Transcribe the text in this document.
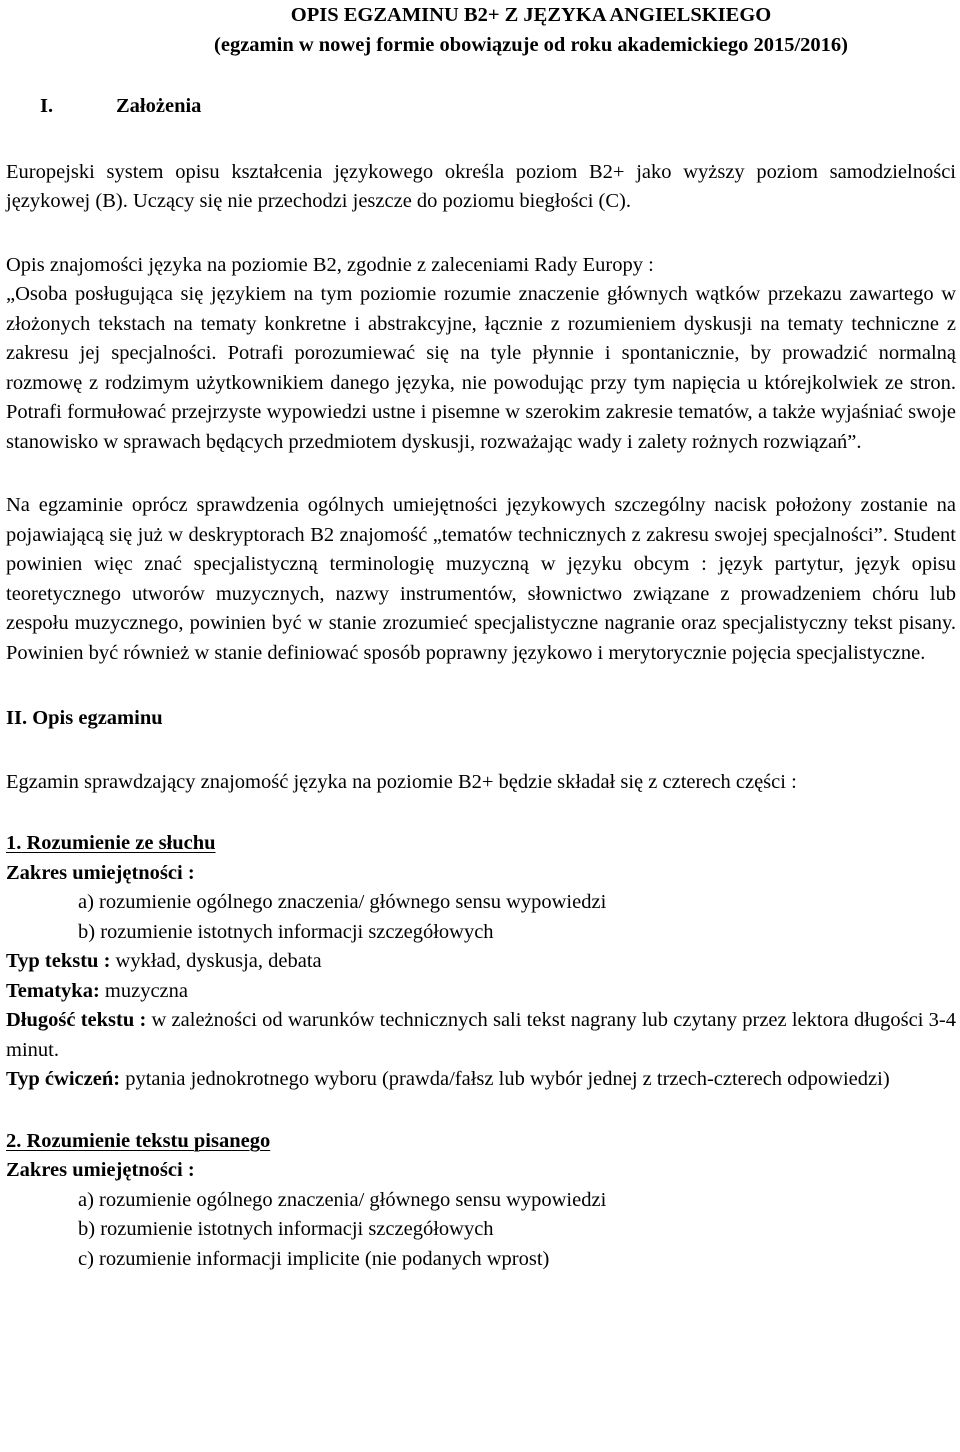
OPIS EGZAMINU B2+ Z JĘZYKA ANGIELSKIEGO
(egzamin w nowej formie obowiązuje od roku akademickiego 2015/2016)
I.	Założenia

Europejski system opisu kształcenia językowego określa poziom B2+ jako wyższy poziom samodzielności językowej (B). Uczący się nie przechodzi jeszcze do poziomu biegłości (C).

Opis znajomości języka na poziomie B2, zgodnie z zaleceniami Rady Europy :

„Osoba posługująca się językiem na tym poziomie rozumie znaczenie głównych wątków przekazu zawartego w złożonych tekstach na tematy konkretne i abstrakcyjne, łącznie z rozumieniem dyskusji na tematy techniczne z zakresu jej specjalności. Potrafi porozumiewać się na tyle płynnie i spontanicznie, by prowadzić normalną rozmowę z rodzimym użytkownikiem danego języka, nie powodując przy tym napięcia u którejkolwiek ze stron. Potrafi formułować przejrzyste wypowiedzi ustne i pisemne w szerokim zakresie tematów, a także wyjaśniać swoje stanowisko w sprawach będących przedmiotem dyskusji, rozważając wady i zalety rożnych rozwiązań”.

Na egzaminie oprócz sprawdzenia ogólnych umiejętności językowych szczególny nacisk położony zostanie na pojawiającą się już w deskryptorach B2 znajomość „tematów technicznych z zakresu swojej specjalności”. Student powinien więc znać specjalistyczną terminologię muzyczną w języku obcym : język partytur, język opisu teoretycznego utworów muzycznych, nazwy instrumentów, słownictwo związane z prowadzeniem chóru lub zespołu muzycznego, powinien być w stanie zrozumieć specjalistyczne nagranie oraz specjalistyczny tekst pisany. Powinien być również w stanie definiować sposób poprawny językowo i merytorycznie pojęcia specjalistyczne.

II. Opis egzaminu

Egzamin sprawdzający znajomość języka na poziomie B2+ będzie składał się z czterech części :

1. Rozumienie ze słuchu
Zakres umiejętności :
a) rozumienie ogólnego znaczenia/ głównego sensu wypowiedzi
b) rozumienie istotnych informacji szczegółowych
Typ tekstu : wykład, dyskusja, debata
Tematyka: muzyczna

Długość tekstu : w zależności od warunków technicznych sali tekst nagrany lub czytany przez lektora długości 3-4 minut.

Typ ćwiczeń: pytania jednokrotnego wyboru (prawda/fałsz lub wybór jednej z trzech-czterech odpowiedzi)

2. Rozumienie tekstu pisanego
Zakres umiejętności :
a) rozumienie ogólnego znaczenia/ głównego sensu wypowiedzi
b) rozumienie istotnych informacji szczegółowych
c) rozumienie informacji implicite (nie podanych wprost)
